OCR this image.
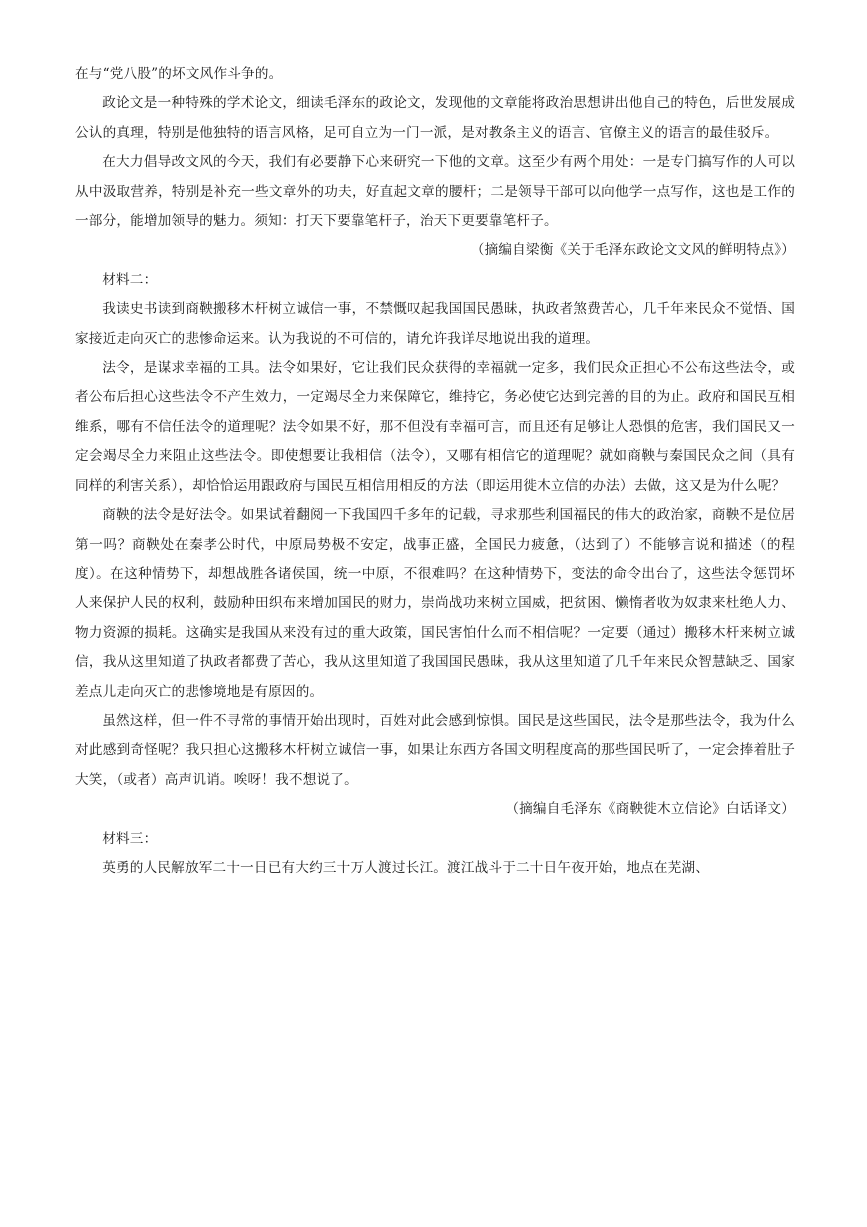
在与“党八股”的坏文风作斗争的。

政论文是一种特殊的学术论文，细读毛泽东的政论文，发现他的文章能将政治思想讲出他自己的特色，后世发展成公认的真理，特别是他独特的语言风格，足可自立为一门一派，是对教条主义的语言、官僚主义的语言的最佳驳斥。

在大力倡导改文风的今天，我们有必要静下心来研究一下他的文章。这至少有两个用处：一是专门搞写作的人可以从中汲取营养，特别是补充一些文章外的功夫，好直起文章的腰杆；二是领导干部可以向他学一点写作，这也是工作的一部分，能增加领导的魅力。须知：打天下要靠笔杆子，治天下更要靠笔杆子。

（摘编自梁衡《关于毛泽东政论文文风的鲜明特点》）

材料二：

我读史书读到商鞅搬移木杆树立诚信一事，不禁慨叹起我国国民愚昧，执政者煞费苦心，几千年来民众不觉悟、国家接近走向灭亡的悲惨命运来。认为我说的不可信的，请允许我详尽地说出我的道理。

法令，是谋求幸福的工具。法令如果好，它让我们民众获得的幸福就一定多，我们民众正担心不公布这些法令，或者公布后担心这些法令不产生效力，一定竭尽全力来保障它，维持它，务必使它达到完善的目的为止。政府和国民互相维系，哪有不信任法令的道理呢？法令如果不好，那不但没有幸福可言，而且还有足够让人恐惧的危害，我们国民又一定会竭尽全力来阻止这些法令。即使想要让我相信（法令），又哪有相信它的道理呢？就如商鞅与秦国民众之间（具有同样的利害关系），却恰恰运用跟政府与国民互相信用相反的方法（即运用徙木立信的办法）去做，这又是为什么呢？

商鞅的法令是好法令。如果试着翻阅一下我国四千多年的记载，寻求那些利国福民的伟大的政治家，商鞅不是位居第一吗？商鞅处在秦孝公时代，中原局势极不安定，战事正盛，全国民力疲惫，（达到了）不能够言说和描述（的程度）。在这种情势下，却想战胜各诸侯国，统一中原，不很难吗？在这种情势下，变法的命令出台了，这些法令惩罚坏人来保护人民的权利，鼓励种田织布来增加国民的财力，崇尚战功来树立国威，把贫困、懒惰者收为奴隶来杜绝人力、物力资源的损耗。这确实是我国从来没有过的重大政策，国民害怕什么而不相信呢？一定要（通过）搬移木杆来树立诚信，我从这里知道了执政者都费了苦心，我从这里知道了我国国民愚昧，我从这里知道了几千年来民众智慧缺乏、国家差点儿走向灭亡的悲惨境地是有原因的。

虽然这样，但一件不寻常的事情开始出现时，百姓对此会感到惊惧。国民是这些国民，法令是那些法令，我为什么对此感到奇怪呢？我只担心这搬移木杆树立诚信一事，如果让东西方各国文明程度高的那些国民听了，一定会捧着肚子大笑，（或者）高声讥诮。唉呀！我不想说了。

（摘编自毛泽东《商鞅徙木立信论》白话译文）

材料三：

英勇的人民解放军二十一日已有大约三十万人渡过长江。渡江战斗于二十日午夜开始，地点在芜湖、
